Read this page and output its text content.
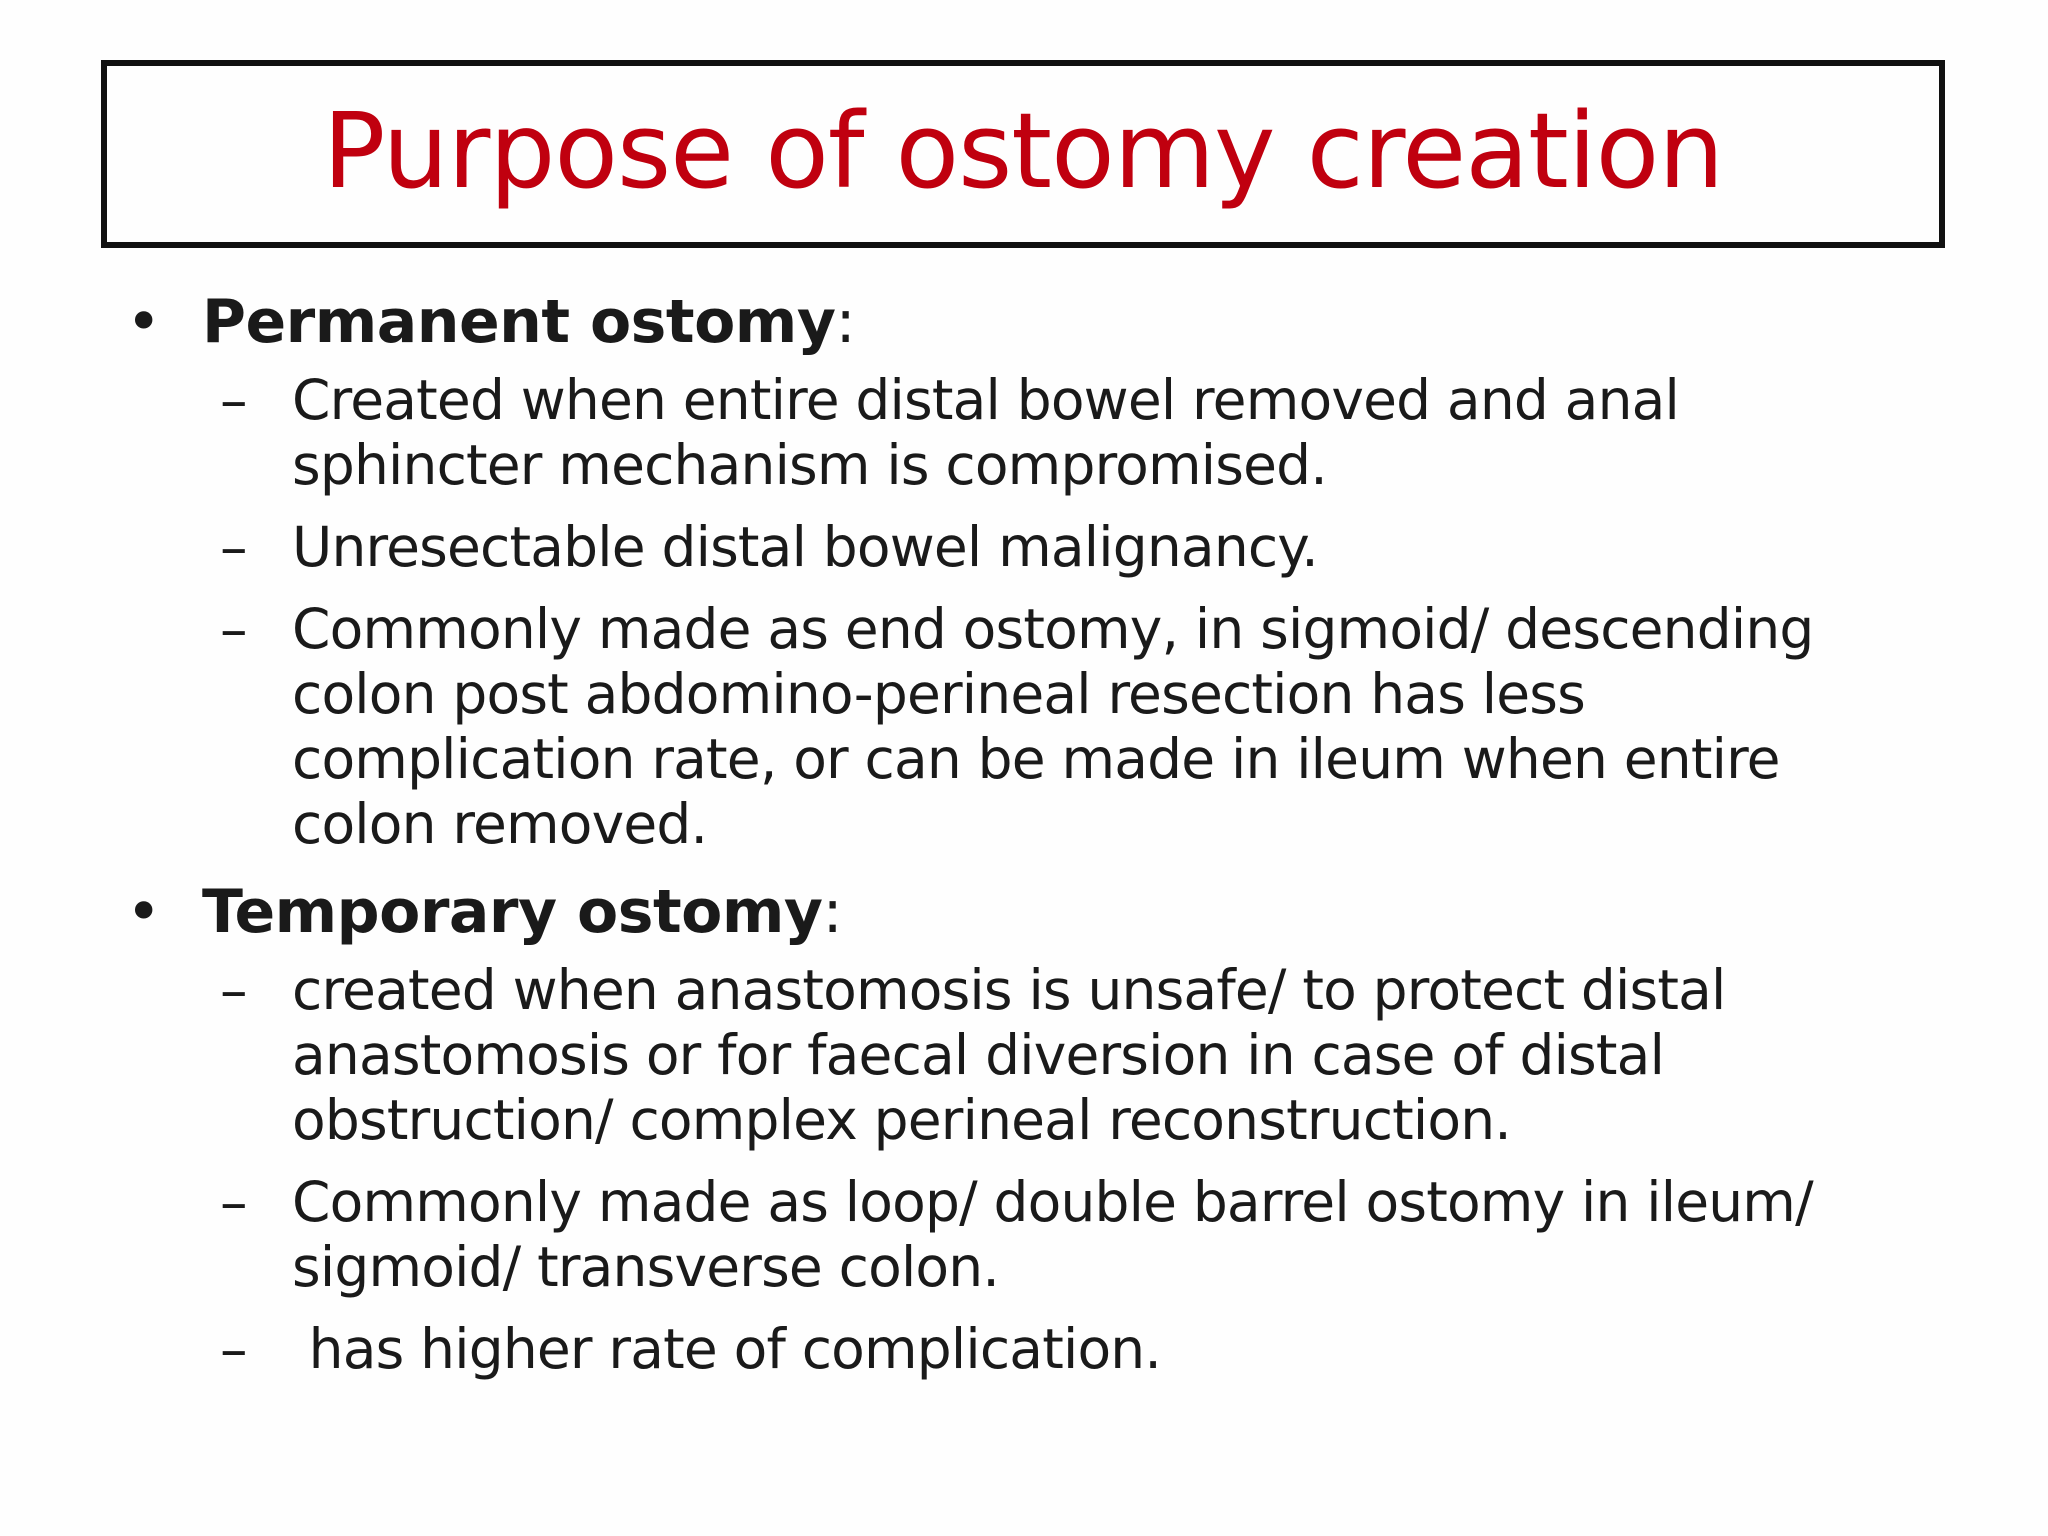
Purpose of ostomy creation
• Permanent ostomy:
– Created when entire distal bowel removed and anal
sphincter mechanism is compromised.
– Unresectable distal bowel malignancy.
– Commonly made as end ostomy, in sigmoid/ descending
colon post abdomino-perineal resection has less
complication rate, or can be made in ileum when entire
colon removed.
• Temporary ostomy:
– created when anastomosis is unsafe/ to protect distal
anastomosis or for faecal diversion in case of distal
obstruction/ complex perineal reconstruction.
– Commonly made as loop/ double barrel ostomy in ileum/
sigmoid/ transverse colon.
– has higher rate of complication.
